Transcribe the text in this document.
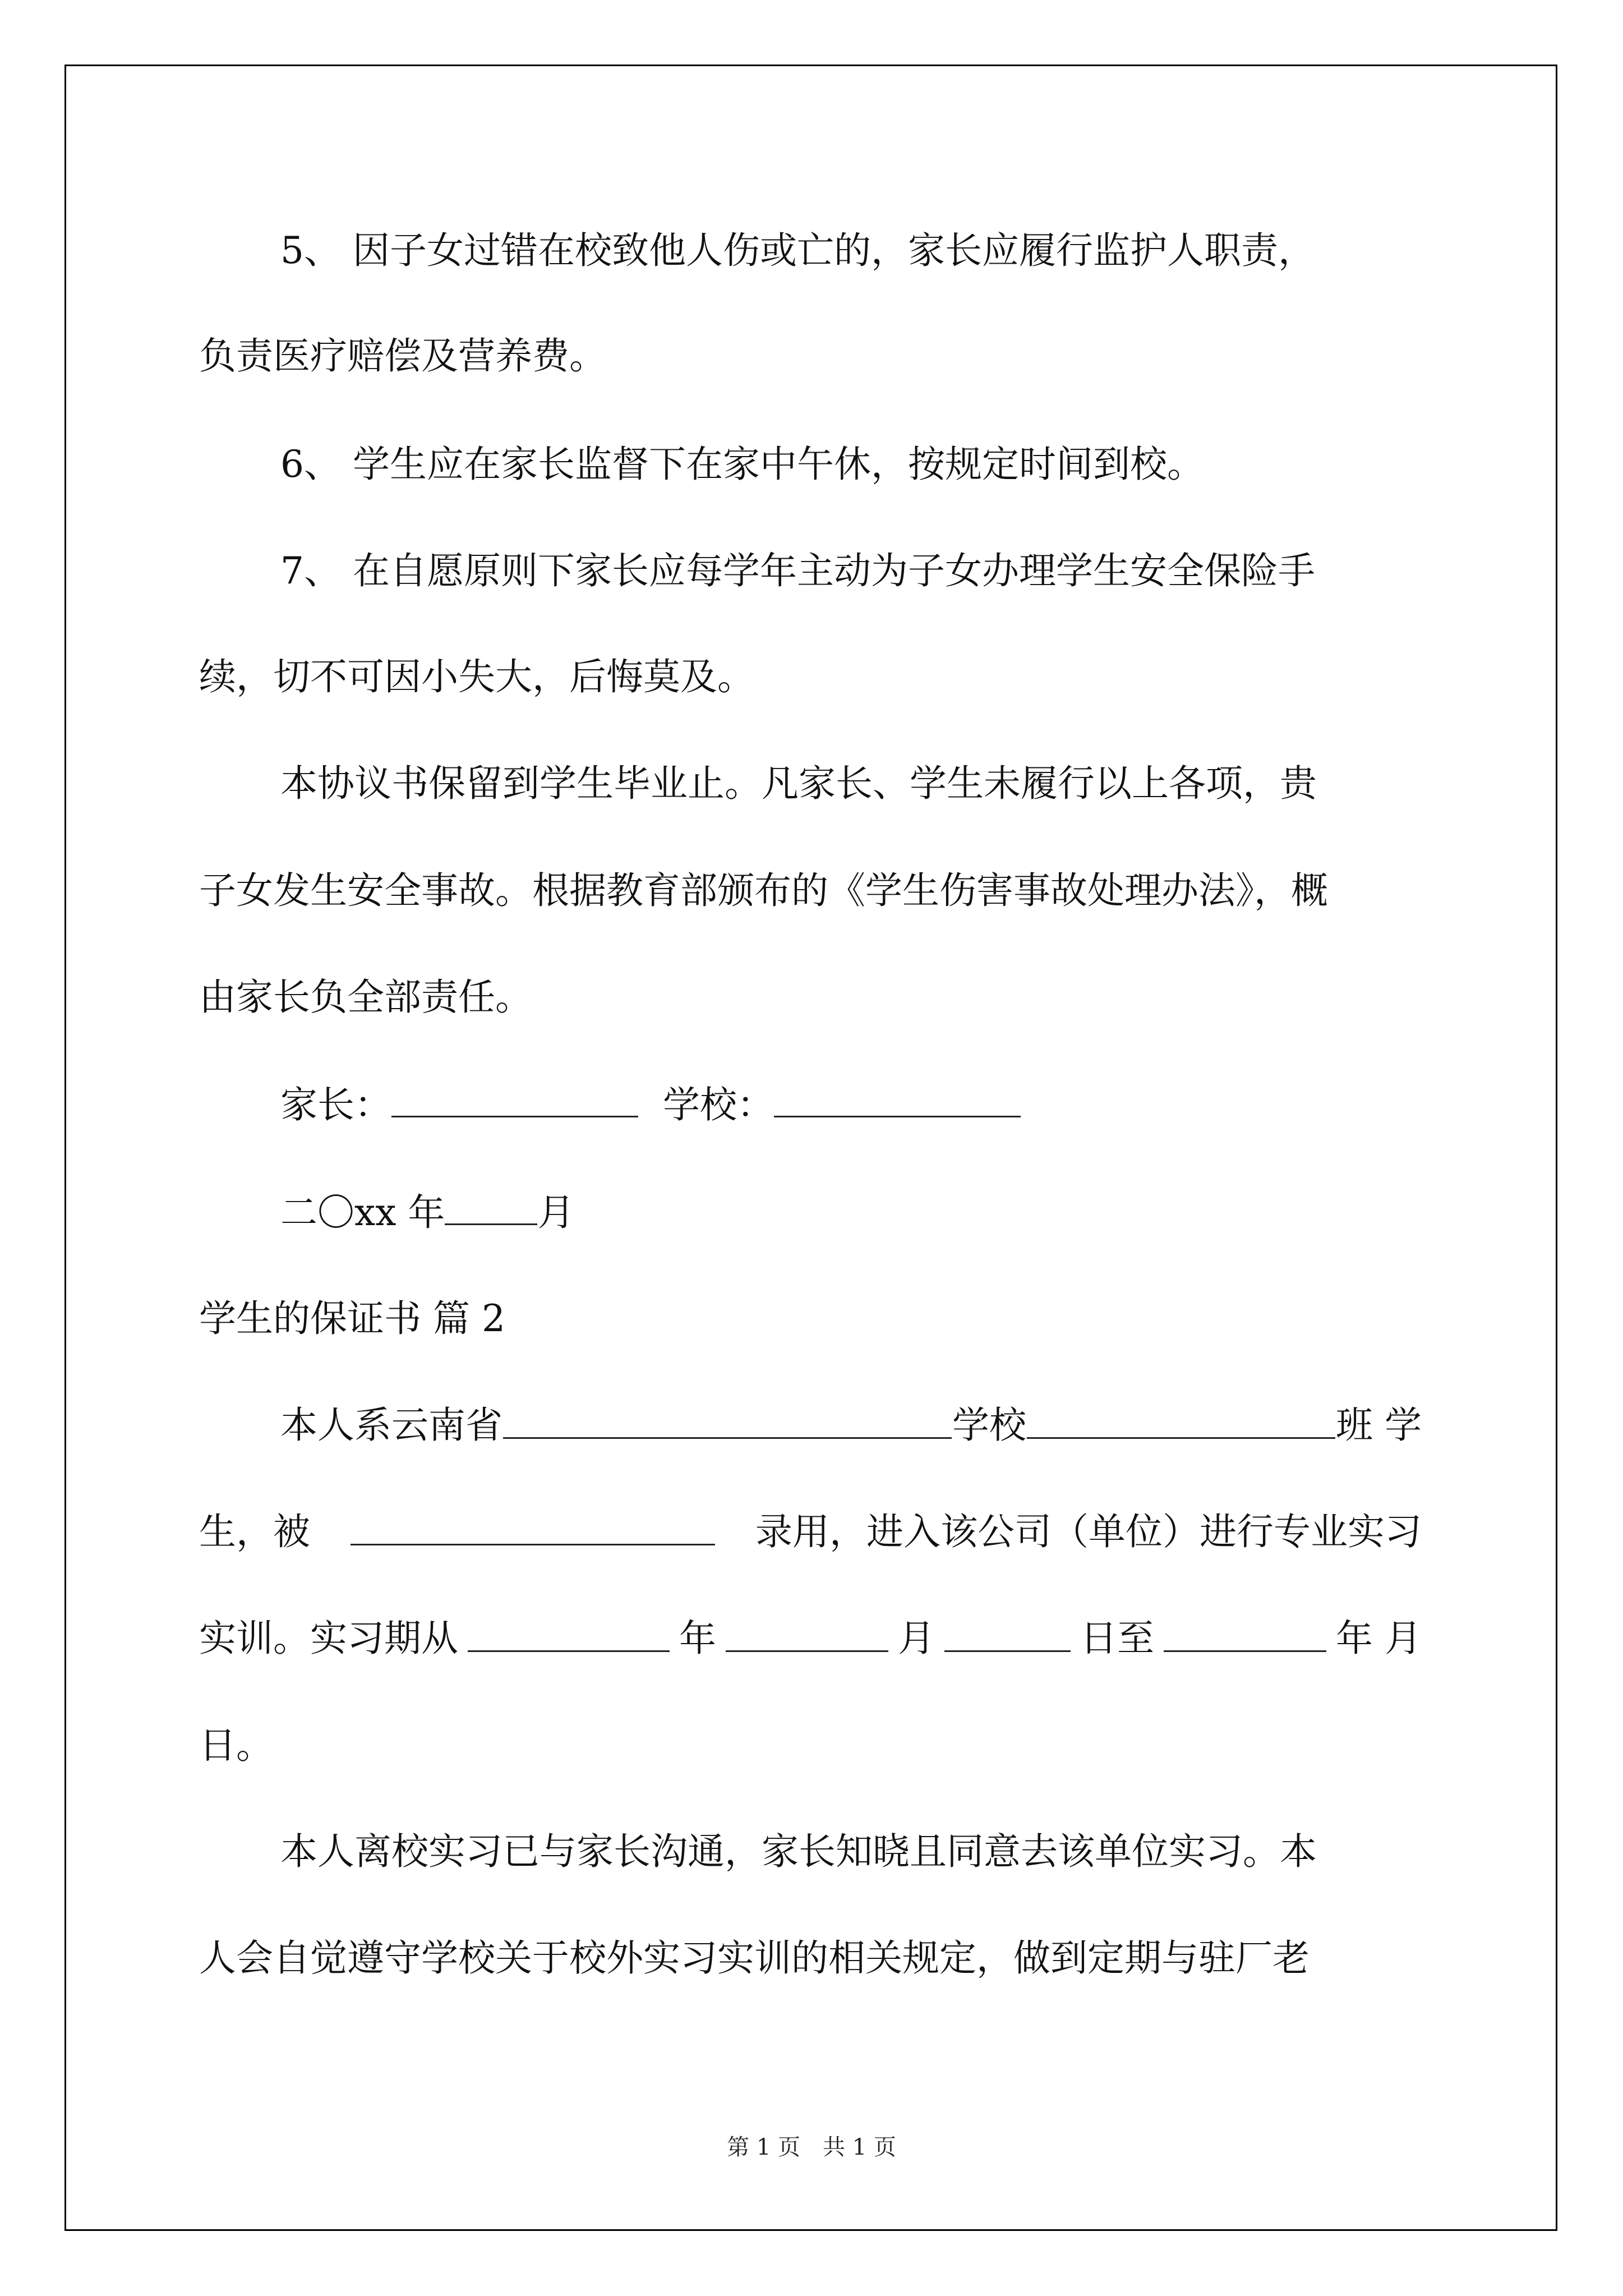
5、 因子女过错在校致他人伤或亡的，家长应履行监护人职责，

负责医疗赔偿及营养费。

6、 学生应在家长监督下在家中午休，按规定时间到校。

7、 在自愿原则下家长应每学年主动为子女办理学生安全保险手

续，切不可因小失大，后悔莫及。

本协议书保留到学生毕业止。凡家长、学生未履行以上各项，贵

子女发生安全事故。根据教育部颁布的《学生伤害事故处理办法》，概

由家长负全部责任。

家长：	学校：

二〇xx 年	月

学生的保证书 篇 2

本人系云南省	学校	班 学

生，被	录用，进入该公司（单位）进行专业实习

实训。实习期从	年	月	日至	年 月

日。

本人离校实习已与家长沟通，家长知晓且同意去该单位实习。本

人会自觉遵守学校关于校外实习实训的相关规定，做到定期与驻厂老

第 1 页 共 1 页
